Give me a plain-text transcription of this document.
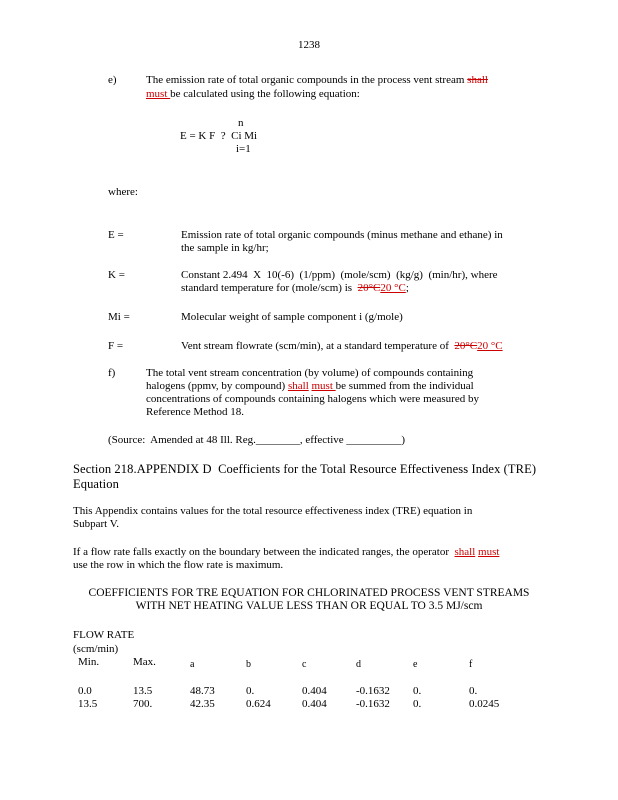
1238
e)	The emission rate of total organic compounds in the process vent stream shall
must be calculated using the following equation:
n
E = K F  ?  Ci Mi
i=1
where:
E =	Emission rate of total organic compounds (minus methane and ethane) in
the sample in kg/hr;
K =	Constant 2.494  X  10(-6)  (1/ppm)  (mole/scm)  (kg/g)  (min/hr), where
standard temperature for (mole/scm) is  20°C20 °C;
Mi =	Molecular weight of sample component i (g/mole)
F =	Vent stream flowrate (scm/min), at a standard temperature of  20°C20 °C
f)	The total vent stream concentration (by volume) of compounds containing
halogens (ppmv, by compound) shall must be summed from the individual
concentrations of compounds containing halogens which were measured by
Reference Method 18.
(Source:  Amended at 48 Ill. Reg.________, effective __________)
Section 218.APPENDIX D  Coefficients for the Total Resource Effectiveness Index (TRE)
Equation
This Appendix contains values for the total resource effectiveness index (TRE) equation in
Subpart V.
If a flow rate falls exactly on the boundary between the indicated ranges, the operator  shall must
use the row in which the flow rate is maximum.
COEFFICIENTS FOR TRE EQUATION FOR CHLORINATED PROCESS VENT STREAMS
WITH NET HEATING VALUE LESS THAN OR EQUAL TO 3.5 MJ/scm
FLOW RATE
(scm/min)
Min.	Max.	a	b	c	d	e	f
0.0	13.5	48.73	0.	0.404	-0.1632 0.	0.
13.5	700.	42.35	0.624	0.404	-0.1632 0.	0.0245
